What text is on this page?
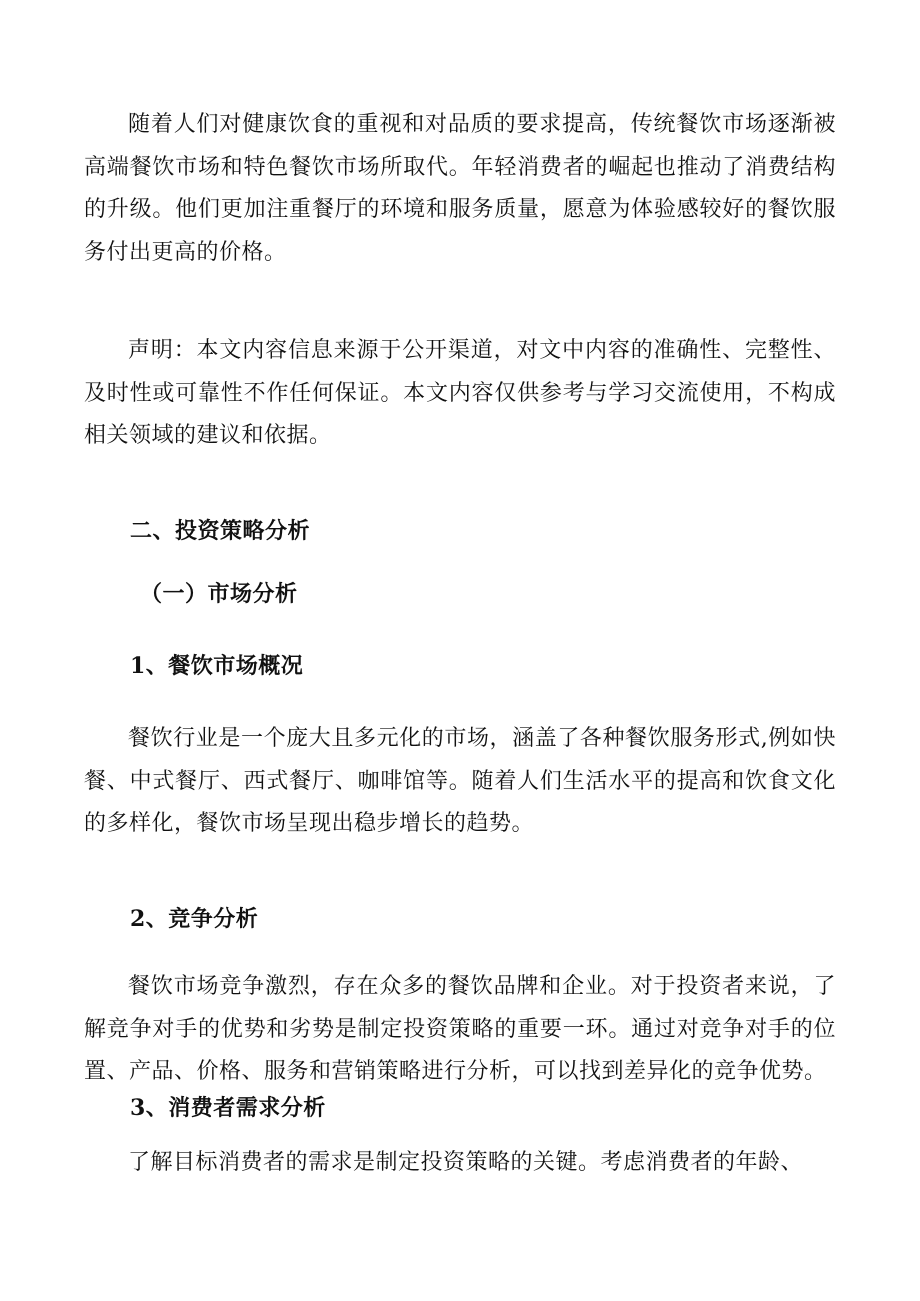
随着人们对健康饮食的重视和对品质的要求提高，传统餐饮市场逐渐被高端餐饮市场和特色餐饮市场所取代。年轻消费者的崛起也推动了消费结构的升级。他们更加注重餐厅的环境和服务质量，愿意为体验感较好的餐饮服务付出更高的价格。

声明：本文内容信息来源于公开渠道，对文中内容的准确性、完整性、及时性或可靠性不作任何保证。本文内容仅供参考与学习交流使用，不构成相关领域的建议和依据。

二、投资策略分析
（一）市场分析
1、餐饮市场概况

餐饮行业是一个庞大且多元化的市场，涵盖了各种餐饮服务形式,例如快餐、中式餐厅、西式餐厅、咖啡馆等。随着人们生活水平的提高和饮食文化的多样化，餐饮市场呈现出稳步增长的趋势。

2、竞争分析

餐饮市场竞争激烈，存在众多的餐饮品牌和企业。对于投资者来说，了解竞争对手的优势和劣势是制定投资策略的重要一环。通过对竞争对手的位置、产品、价格、服务和营销策略进行分析，可以找到差异化的竞争优势。

3、消费者需求分析

了解目标消费者的需求是制定投资策略的关键。考虑消费者的年龄、
